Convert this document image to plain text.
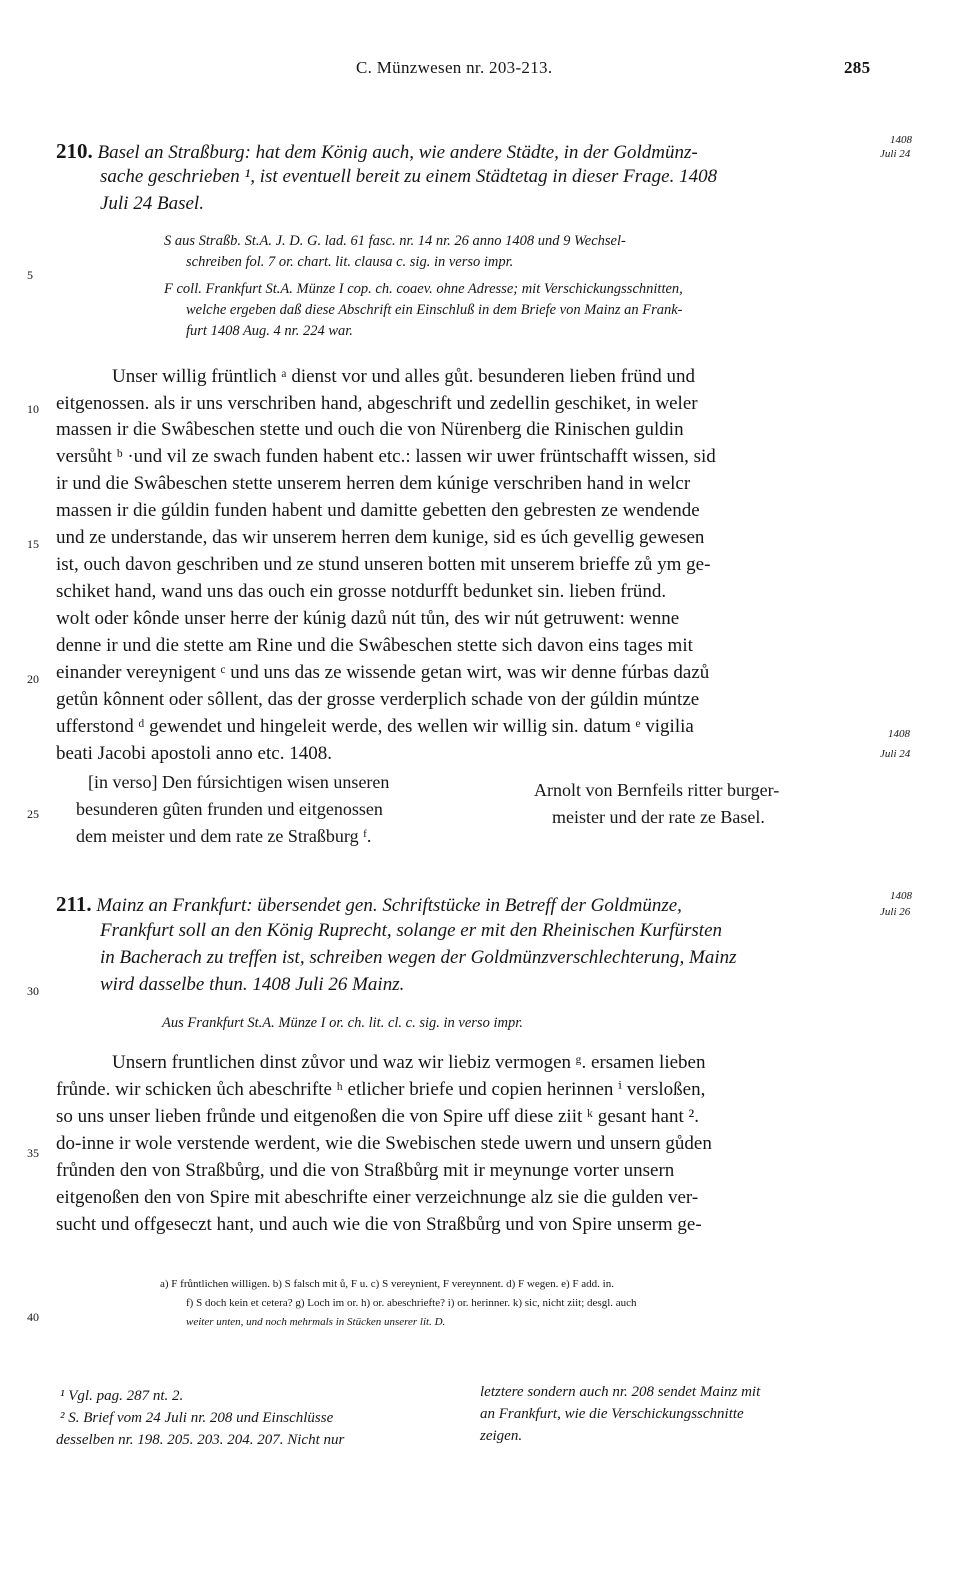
C. Münzwesen nr. 203-213.	285
5
10
15
20
25
30
35
40
1408
Juli 24
1408
Juli 24
1408
Juli 26
210. Basel an Straßburg: hat dem König auch, wie andere Städte, in der Goldmünz-
sache geschrieben ¹, ist eventuell bereit zu einem Städtetag in dieser Frage. 1408
Juli 24 Basel.
S aus Straßb. St.A. J. D. G. lad. 61 fasc. nr. 14 nr. 26 anno 1408 und 9 Wechsel-
schreiben fol. 7 or. chart. lit. clausa c. sig. in verso impr.
F coll. Frankfurt St.A. Münze I cop. ch. coaev. ohne Adresse; mit Verschickungsschnitten,
welche ergeben daß diese Abschrift ein Einschluß in dem Briefe von Mainz an Frank-
furt 1408 Aug. 4 nr. 224 war.
Unser willig früntlich ᵃ dienst vor und alles gůt. besunderen lieben fründ und
eitgenossen. als ir uns verschriben hand, abgeschrift und zedellin geschiket, in weler
massen ir die Swâbeschen stette und ouch die von Nürenberg die Rinischen guldin
versůht ᵇ ·und vil ze swach funden habent etc.: lassen wir uwer früntschafft wissen, sid
ir und die Swâbeschen stette unserem herren dem kúnige verschriben hand in welcr
massen ir die gúldin funden habent und damitte gebetten den gebresten ze wendende
und ze understande, das wir unserem herren dem kunige, sid es úch gevellig gewesen
ist, ouch davon geschriben und ze stund unseren botten mit unserem brieffe zů ym ge-
schiket hand, wand uns das ouch ein grosse notdurfft bedunket sin. lieben fründ.
wolt oder kônde unser herre der kúnig dazů nút tůn, des wir nút getruwent: wenne
denne ir und die stette am Rine und die Swâbeschen stette sich davon eins tages mit
einander vereynigent ᶜ und uns das ze wissende getan wirt, was wir denne fúrbas dazů
getůn kônnent oder sôllent, das der grosse verderplich schade von der gúldin múntze
ufferstond ᵈ gewendet und hingeleit werde, des wellen wir willig sin. datum ᵉ vigilia
beati Jacobi apostoli anno etc. 1408.
[in verso] Den fúrsichtigen wisen unseren
besunderen gûten frunden und eitgenossen
dem meister und dem rate ze Straßburg ᶠ.
Arnolt von Bernfeils ritter burger-
meister und der rate ze Basel.
211. Mainz an Frankfurt: übersendet gen. Schriftstücke in Betreff der Goldmünze,
Frankfurt soll an den König Ruprecht, solange er mit den Rheinischen Kurfürsten
in Bacherach zu treffen ist, schreiben wegen der Goldmünzverschlechterung, Mainz
wird dasselbe thun. 1408 Juli 26 Mainz.
Aus Frankfurt St.A. Münze I or. ch. lit. cl. c. sig. in verso impr.
Unsern fruntlichen dinst zůvor und waz wir liebiz vermogen ᵍ. ersamen lieben
frůnde. wir schicken ůch abeschrifte ʰ etlicher briefe und copien herinnen ⁱ versloßen,
so uns unser lieben frůnde und eitgenoßen die von Spire uff diese ziit ᵏ gesant hant ².
do-inne ir wole verstende werdent, wie die Swebischen stede uwern und unsern gůden
frůnden den von Straßbůrg, und die von Straßbůrg mit ir meynunge vorter unsern
eitgenoßen den von Spire mit abeschrifte einer verzeichnunge alz sie die gulden ver-
sucht und offgeseczt hant, und auch wie die von Straßbůrg und von Spire unserm ge-
a) F frůntlichen willigen. b) S falsch mit ů, F u. c) S vereynient, F vereynnent. d) F wegen. e) F add. in.
f) S doch kein et cetera? g) Loch im or. h) or. abeschriefte? i) or. herinner. k) sic, nicht ziit; desgl. auch
weiter unten, und noch mehrmals in Stücken unserer lit. D.
¹ Vgl. pag. 287 nt. 2.
² S. Brief vom 24 Juli nr. 208 und Einschlüsse
desselben nr. 198. 205. 203. 204. 207. Nicht nur
letztere sondern auch nr. 208 sendet Mainz mit
an Frankfurt, wie die Verschickungsschnitte
zeigen.
